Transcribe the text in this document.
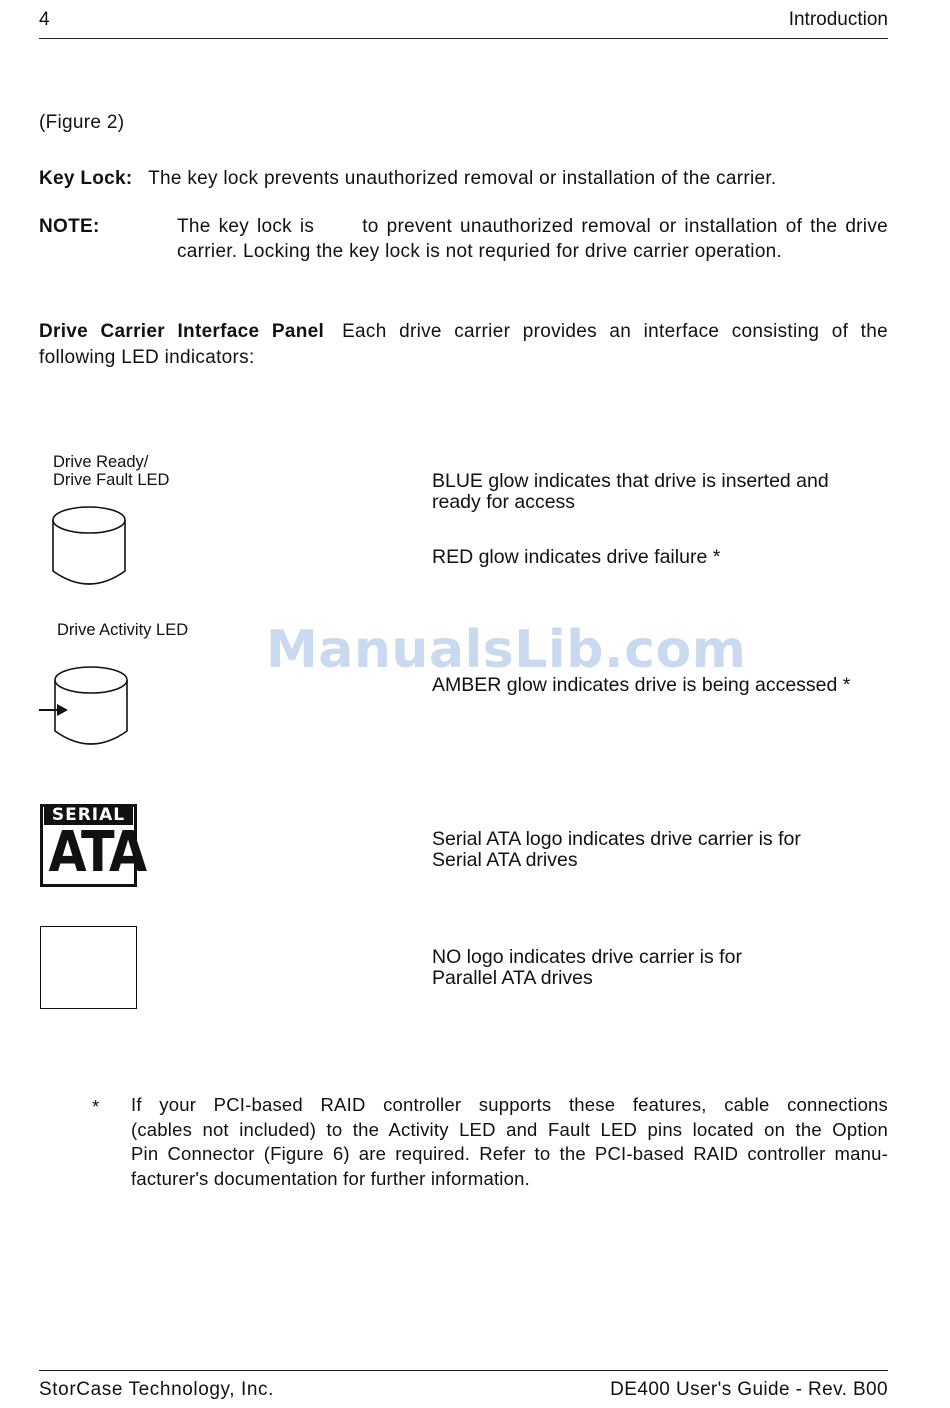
4	Introduction
(Figure 2)
Key Lock: The key lock prevents unauthorized removal or installation of the carrier.
NOTE:	The key lock is	to prevent unauthorized removal or installation of the drive
carrier. Locking the key lock is not requried for drive carrier operation.
Drive Carrier Interface Panel Each drive carrier provides an interface consisting of the
following LED indicators:
Drive Ready/
Drive Fault LED	BLUE glow indicates that drive is inserted and
ready for access
RED glow indicates drive failure *
Drive Activity LED ManualsLib.com
AMBER glow indicates drive is being accessed *
SERIAL
ATA	Serial ATA logo indicates drive carrier is for
Serial ATA drives
NO logo indicates drive carrier is for
Parallel ATA drives
* If your PCI-based RAID controller supports these features, cable connections
(cables not included) to the Activity LED and Fault LED pins located on the Option
Pin Connector (Figure 6) are required. Refer to the PCI-based RAID controller manu-
facturer's documentation for further information.
StorCase Technology, Inc.	DE400 User's Guide - Rev. B00
